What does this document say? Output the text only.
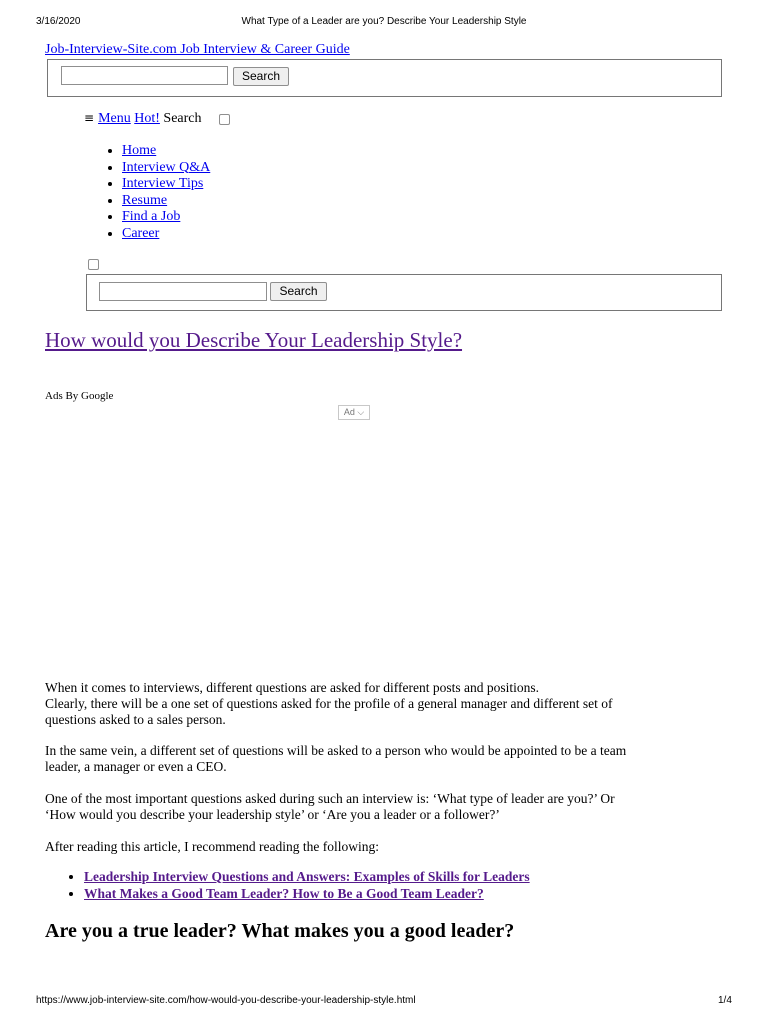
3/16/2020	What Type of a Leader are you? Describe Your Leadership Style
Job-Interview-Site.com Job Interview & Career Guide
Search
≡ Menu Hot! Search
• Home
• Interview Q&A
• Interview Tips
• Resume
• Find a Job
• Career
Search
How would you Describe Your Leadership Style?
Ads By Google
Ad ⌵

When it comes to interviews, different questions are asked for different posts and positions.
Clearly, there will be a one set of questions asked for the profile of a general manager and different set of
questions asked to a sales person.

In the same vein, a different set of questions will be asked to a person who would be appointed to be a team
leader, a manager or even a CEO.

One of the most important questions asked during such an interview is: ‘What type of leader are you?’ Or
‘How would you describe your leadership style’ or ‘Are you a leader or a follower?’

After reading this article, I recommend reading the following:

• Leadership Interview Questions and Answers: Examples of Skills for Leaders
• What Makes a Good Team Leader? How to Be a Good Team Leader?
Are you a true leader? What makes you a good leader?
https://www.job-interview-site.com/how-would-you-describe-your-leadership-style.html	1/4
